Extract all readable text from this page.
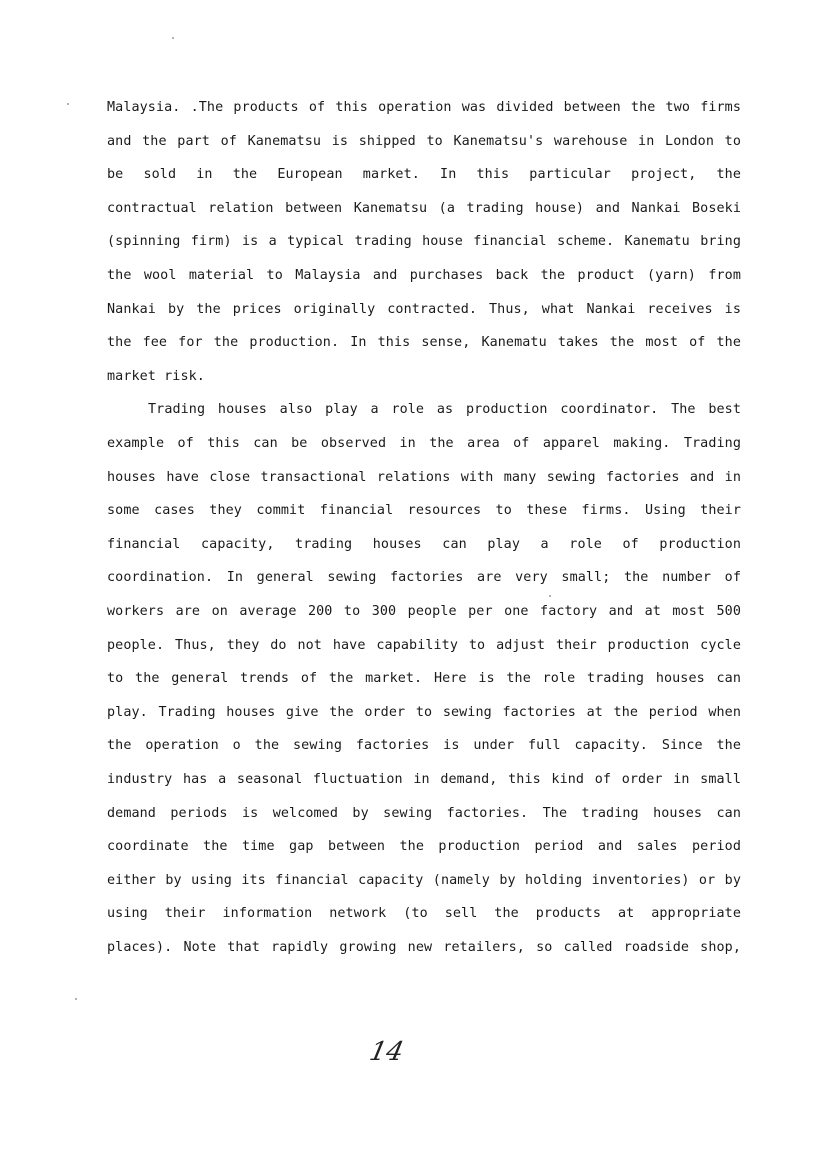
Malaysia. .The products of this operation was divided between the two firms
and the part of Kanematsu is shipped to Kanematsu's warehouse in London to
be sold in the European market. In this particular project, the
contractual relation between Kanematsu (a trading house) and Nankai Boseki
(spinning firm) is a typical trading house financial scheme. Kanematu bring
the wool material to Malaysia and purchases back the product (yarn) from
Nankai by the prices originally contracted. Thus, what Nankai receives is
the fee for the production. In this sense, Kanematu takes the most of the
market risk.
Trading houses also play a role as production coordinator. The best
example of this can be observed in the area of apparel making. Trading
houses have close transactional relations with many sewing factories and in
some cases they commit financial resources to these firms. Using their
financial capacity, trading houses can play a role of production
coordination. In general sewing factories are very small; the number of
workers are on average 200 to 300 people per one factory and at most 500
people. Thus, they do not have capability to adjust their production cycle
to the general trends of the market. Here is the role trading houses can
play. Trading houses give the order to sewing factories at the period when
the operation o the sewing factories is under full capacity. Since the
industry has a seasonal fluctuation in demand, this kind of order in small
demand periods is welcomed by sewing factories. The trading houses can
coordinate the time gap between the production period and sales period
either by using its financial capacity (namely by holding inventories) or by
using their information network (to sell the products at appropriate
places). Note that rapidly growing new retailers, so called roadside shop,
14
